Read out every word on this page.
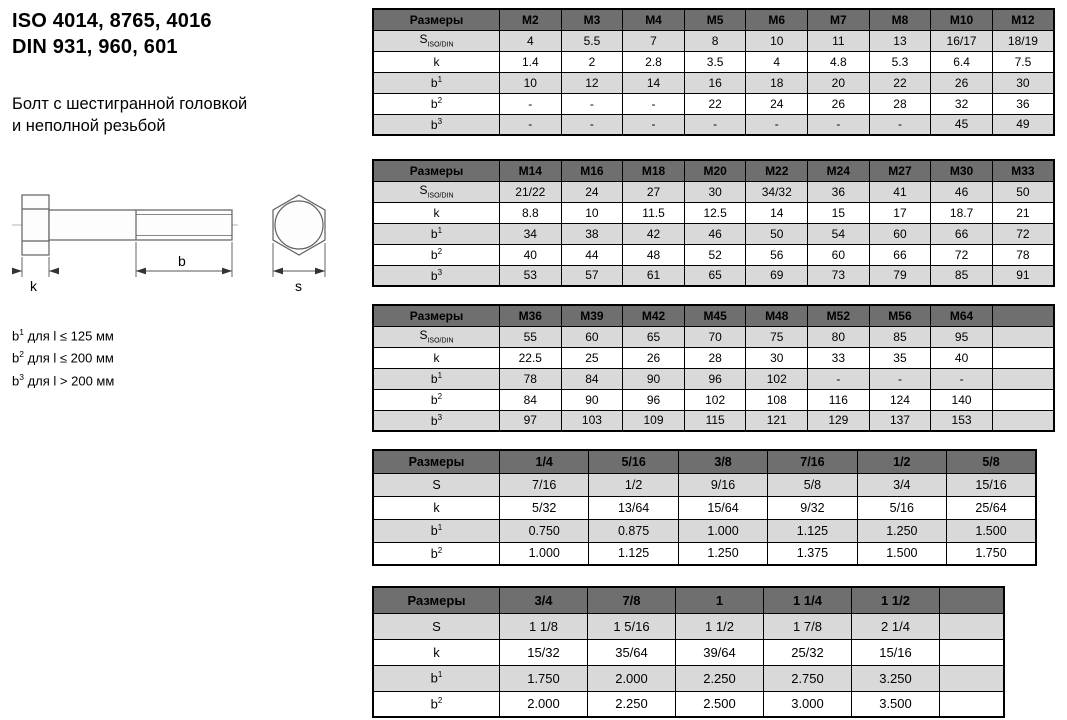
ISO 4014, 8765, 4016
DIN 931, 960, 601
Болт с шестигранной головкой
и неполной резьбой
k
b
s
$b^1$ для l ≤ 125 мм
$b^2$ для l ≤ 200 мм
$b^3$ для l > 200 мм
Размеры	M2	M3	M4	M5	M6	M7	M8	M10	M12
$S_{ISO/DIN}$	4	5.5	7	8	10	11	13	16/17	18/19
k	1.4	2	2.8	3.5	4	4.8	5.3	6.4	7.5
$b^1$	10	12	14	16	18	20	22	26	30
$b^2$	-	-	-	22	24	26	28	32	36
$b^3$	-	-	-	-	-	-	-	45	49
Размеры	M14	M16	M18	M20	M22	M24	M27	M30	M33
$S_{ISO/DIN}$	21/22	24	27	30	34/32	36	41	46	50
k	8.8	10	11.5	12.5	14	15	17	18.7	21
$b^1$	34	38	42	46	50	54	60	66	72
$b^2$	40	44	48	52	56	60	66	72	78
$b^3$	53	57	61	65	69	73	79	85	91
Размеры	M36	M39	M42	M45	M48	M52	M56	M64	
$S_{ISO/DIN}$	55	60	65	70	75	80	85	95	
k	22.5	25	26	28	30	33	35	40	
$b^1$	78	84	90	96	102	-	-	-	
$b^2$	84	90	96	102	108	116	124	140	
$b^3$	97	103	109	115	121	129	137	153	
Размеры	1/4	5/16	3/8	7/16	1/2	5/8
S	7/16	1/2	9/16	5/8	3/4	15/16
k	5/32	13/64	15/64	9/32	5/16	25/64
$b^1$	0.750	0.875	1.000	1.125	1.250	1.500
$b^2$	1.000	1.125	1.250	1.375	1.500	1.750
Размеры	3/4	7/8	1	1 1/4	1 1/2	
S	1 1/8	1 5/16	1 1/2	1 7/8	2 1/4	
k	15/32	35/64	39/64	25/32	15/16	
$b^1$	1.750	2.000	2.250	2.750	3.250	
$b^2$	2.000	2.250	2.500	3.000	3.500	
